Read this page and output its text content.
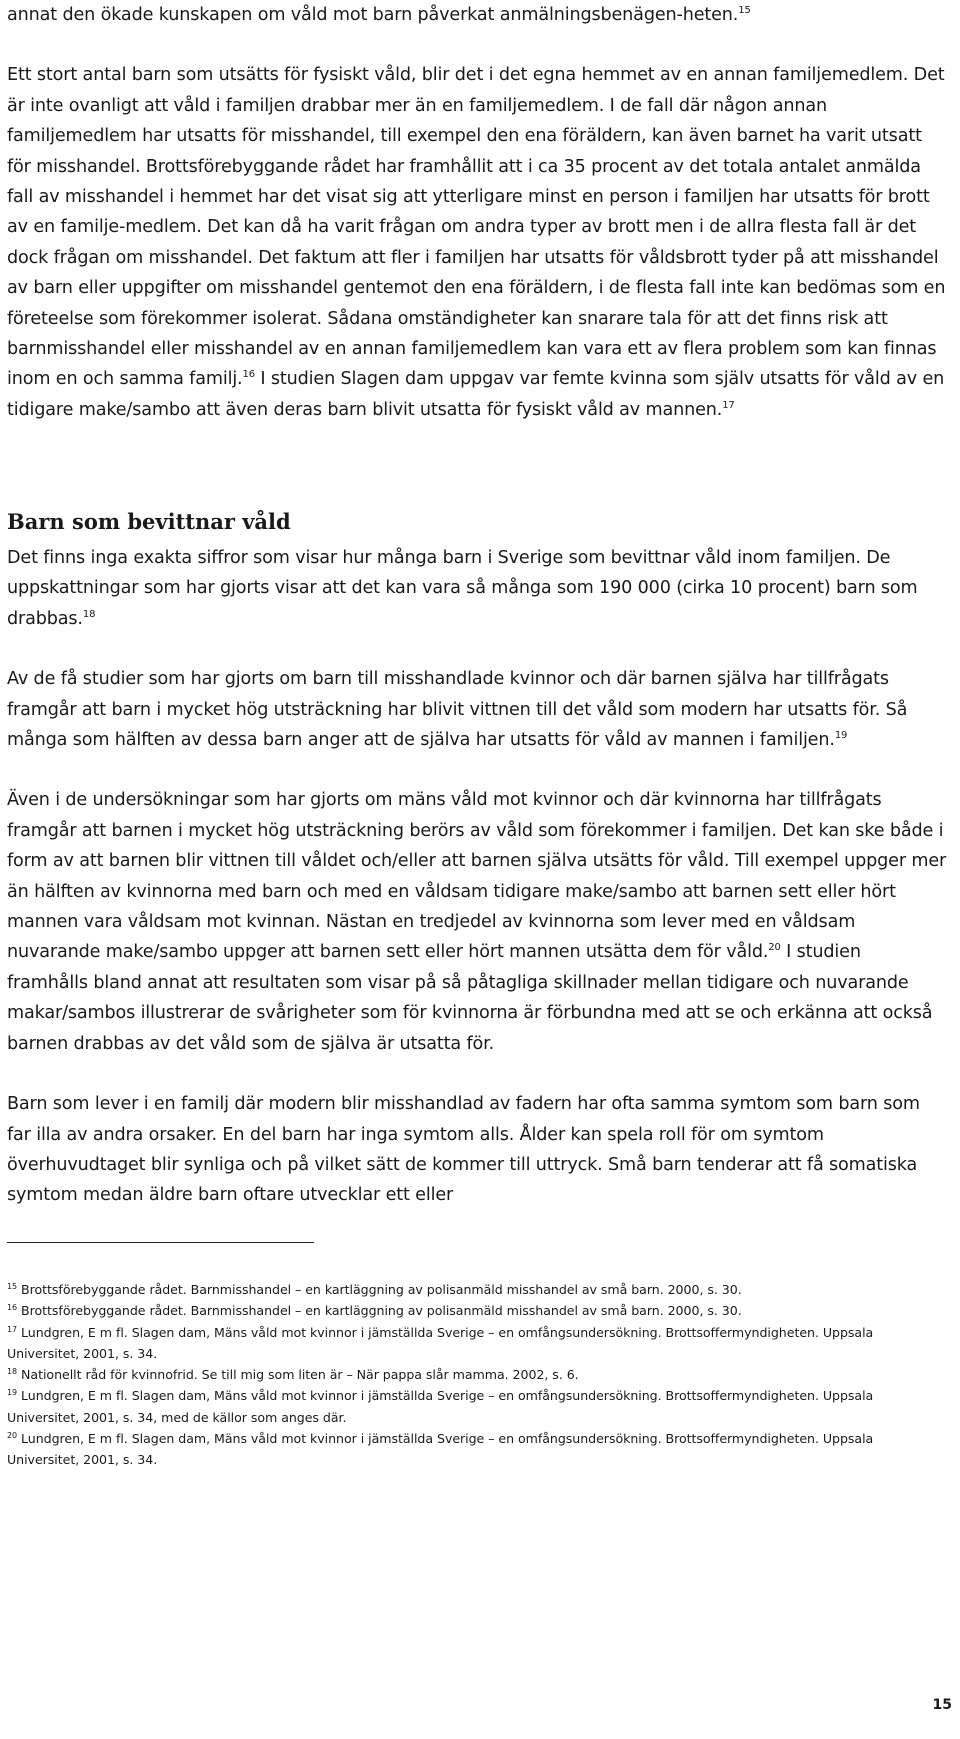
annat den ökade kunskapen om våld mot barn påverkat anmälningsbenägen-heten.$^{15}$

Ett stort antal barn som utsätts för fysiskt våld, blir det i det egna hemmet av en annan familjemedlem. Det är inte ovanligt att våld i familjen drabbar mer än en familjemedlem. I de fall där någon annan familjemedlem har utsatts för misshandel, till exempel den ena föräldern, kan även barnet ha varit utsatt för misshandel. Brottsförebyggande rådet har framhållit att i ca 35 procent av det totala antalet anmälda fall av misshandel i hemmet har det visat sig att ytterligare minst en person i familjen har utsatts för brott av en familje-medlem. Det kan då ha varit frågan om andra typer av brott men i de allra flesta fall är det dock frågan om misshandel. Det faktum att fler i familjen har utsatts för våldsbrott tyder på att misshandel av barn eller uppgifter om misshandel gentemot den ena föräldern, i de flesta fall inte kan bedömas som en företeelse som förekommer isolerat. Sådana omständigheter kan snarare tala för att det finns risk att barnmisshandel eller misshandel av en annan familjemedlem kan vara ett av flera problem som kan finnas inom en och samma familj.$^{16}$ I studien Slagen dam uppgav var femte kvinna som själv utsatts för våld av en tidigare make/sambo att även deras barn blivit utsatta för fysiskt våld av mannen.$^{17}$

Barn som bevittnar våld

Det finns inga exakta siffror som visar hur många barn i Sverige som bevittnar våld inom familjen. De uppskattningar som har gjorts visar att det kan vara så många som 190 000 (cirka 10 procent) barn som drabbas.$^{18}$

Av de få studier som har gjorts om barn till misshandlade kvinnor och där barnen själva har tillfrågats framgår att barn i mycket hög utsträckning har blivit vittnen till det våld som modern har utsatts för. Så många som hälften av dessa barn anger att de själva har utsatts för våld av mannen i familjen.$^{19}$

Även i de undersökningar som har gjorts om mäns våld mot kvinnor och där kvinnorna har tillfrågats framgår att barnen i mycket hög utsträckning berörs av våld som förekommer i familjen. Det kan ske både i form av att barnen blir vittnen till våldet och/eller att barnen själva utsätts för våld. Till exempel uppger mer än hälften av kvinnorna med barn och med en våldsam tidigare make/sambo att barnen sett eller hört mannen vara våldsam mot kvinnan. Nästan en tredjedel av kvinnorna som lever med en våldsam nuvarande make/sambo uppger att barnen sett eller hört mannen utsätta dem för våld.$^{20}$ I studien framhålls bland annat att resultaten som visar på så påtagliga skillnader mellan tidigare och nuvarande makar/sambos illustrerar de svårigheter som för kvinnorna är förbundna med att se och erkänna att också barnen drabbas av det våld som de själva är utsatta för.

Barn som lever i en familj där modern blir misshandlad av fadern har ofta samma symtom som barn som far illa av andra orsaker. En del barn har inga symtom alls. Ålder kan spela roll för om symtom överhuvudtaget blir synliga och på vilket sätt de kommer till uttryck. Små barn tenderar att få somatiska symtom medan äldre barn oftare utvecklar ett eller

$^{15}$ Brottsförebyggande rådet. Barnmisshandel – en kartläggning av polisanmäld misshandel av små barn. 2000, s. 30.

$^{16}$ Brottsförebyggande rådet. Barnmisshandel – en kartläggning av polisanmäld misshandel av små barn. 2000, s. 30.

$^{17}$ Lundgren, E m fl. Slagen dam, Mäns våld mot kvinnor i jämställda Sverige – en omfångsundersökning. Brottsoffermyndigheten. Uppsala Universitet, 2001, s. 34.

$^{18}$ Nationellt råd för kvinnofrid. Se till mig som liten är – När pappa slår mamma. 2002, s. 6.

$^{19}$ Lundgren, E m fl. Slagen dam, Mäns våld mot kvinnor i jämställda Sverige – en omfångsundersökning. Brottsoffermyndigheten. Uppsala Universitet, 2001, s. 34, med de källor som anges där.

$^{20}$ Lundgren, E m fl. Slagen dam, Mäns våld mot kvinnor i jämställda Sverige – en omfångsundersökning. Brottsoffermyndigheten. Uppsala Universitet, 2001, s. 34.

15
